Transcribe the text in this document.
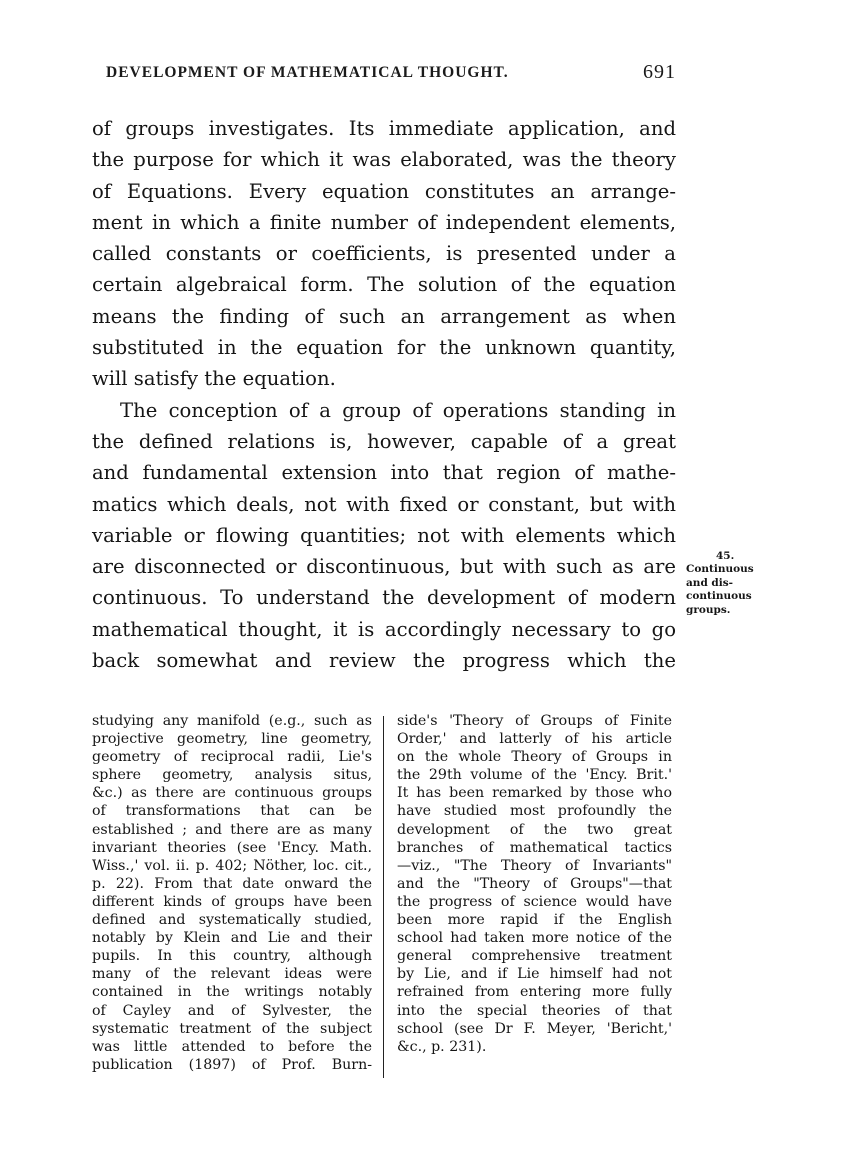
DEVELOPMENT OF MATHEMATICAL THOUGHT.	691
of groups investigates. Its immediate application, and
the purpose for which it was elaborated, was the theory
of Equations. Every equation constitutes an arrange-
ment in which a finite number of independent elements,
called constants or coefficients, is presented under a
certain algebraical form. The solution of the equation
means the finding of such an arrangement as when
substituted in the equation for the unknown quantity,
will satisfy the equation.
The conception of a group of operations standing in
the defined relations is, however, capable of a great
and fundamental extension into that region of mathe-
matics which deals, not with fixed or constant, but with
variable or flowing quantities; not with elements which
are disconnected or discontinuous, but with such as are
continuous. To understand the development of modern
mathematical thought, it is accordingly necessary to go
back somewhat and review the progress which the
45.
Continuous
and dis-
continuous
groups.
studying any manifold (e.g., such as
projective geometry, line geometry,
geometry of reciprocal radii, Lie's
sphere geometry, analysis situs,
&c.) as there are continuous groups
of transformations that can be
established ; and there are as many
invariant theories (see 'Ency. Math.
Wiss.,' vol. ii. p. 402; Nöther, loc. cit.,
p. 22). From that date onward the
different kinds of groups have been
defined and systematically studied,
notably by Klein and Lie and their
pupils. In this country, although
many of the relevant ideas were
contained in the writings notably
of Cayley and of Sylvester, the
systematic treatment of the subject
was little attended to before the
publication (1897) of Prof. Burn-
side's 'Theory of Groups of Finite
Order,' and latterly of his article
on the whole Theory of Groups in
the 29th volume of the 'Ency. Brit.'
It has been remarked by those who
have studied most profoundly the
development of the two great
branches of mathematical tactics
—viz., "The Theory of Invariants"
and the "Theory of Groups"—that
the progress of science would have
been more rapid if the English
school had taken more notice of the
general comprehensive treatment
by Lie, and if Lie himself had not
refrained from entering more fully
into the special theories of that
school (see Dr F. Meyer, 'Bericht,'
&c., p. 231).
